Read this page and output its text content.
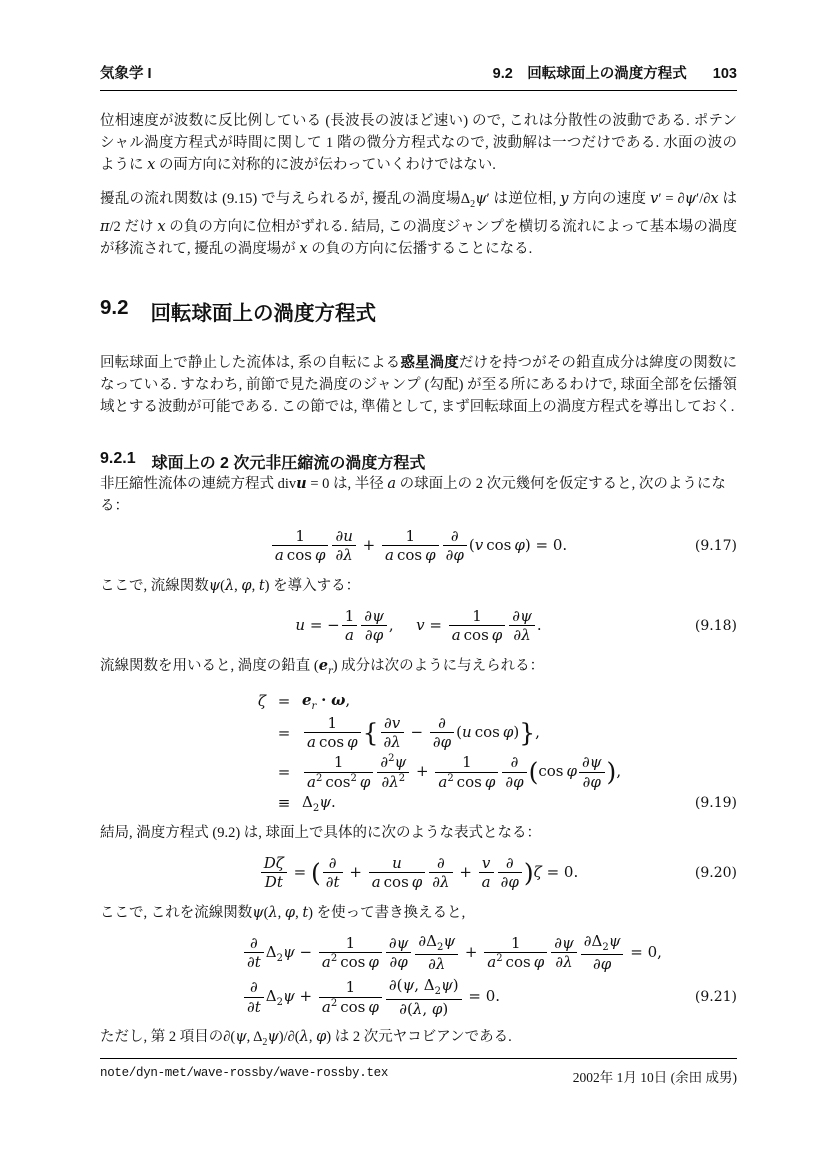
気象学 I	9.2　回転球面上の渦度方程式 103

位相速度が波数に反比例している (長波長の波ほど速い) ので, これは分散性の波動である. ポテンシャル渦度方程式が時間に関して 1 階の微分方程式なので, 波動解は一つだけである. 水面の波のように x の両方向に対称的に波が伝わっていくわけではない.

擾乱の流れ関数は (9.15) で与えられるが, 擾乱の渦度場$\Delta_2\psi'$ は逆位相, y 方向の速度 v′ = ∂ψ′/∂x はπ/2 だけ x の負の方向に位相がずれる. 結局, この渦度ジャンプを横切る流れによって基本場の渦度が移流されて, 擾乱の渦度場が x の負の方向に伝播することになる.

9.2 回転球面上の渦度方程式

回転球面上で静止した流体は, 系の自転による惑星渦度だけを持つがその鉛直成分は緯度の関数になっている. すなわち, 前節で見た渦度のジャンプ (勾配) が至る所にあるわけで, 球面全部を伝播領域とする波動が可能である. この節では, 準備として, まず回転球面上の渦度方程式を導出しておく.

9.2.1 球面上の 2 次元非圧縮流の渦度方程式

非圧縮性流体の連続方程式 divu = 0 は, 半径 a の球面上の 2 次元幾何を仮定すると, 次のようになる：

$\frac{1}{\text{a cos φ}} \frac{\partial u}{\partial\lambda} + \frac{1}{\text{a cos φ}}$ ∂
∂φ
(v cos φ) = 0.	(9.17)

ここで, 流線関数ψ(λ, φ, t) を導入する：

u = − $\frac{1}{a} \frac{\partial\psi}{\partial\varphi}$ ,  $v = \frac{1}{\text{a cos φ}} \frac{\partial\psi}{\partial\lambda}$ .	(9.18)

流線関数を用いると, 渦度の鉛直 $(e_r)$ 成分は次のように与えられる：

$\zeta = e_r \cdot \omega$,
= $\frac{1}{\text{a cos φ}}$ { $\frac{\partial v}{\partial\lambda}$ − ∂
∂φ
(u cos φ)},
= $\frac{1}{a^2 \cos^2 \varphi} \frac{\partial^2\psi}{\partial\lambda^2} + \frac{1}{a^2 \cos \varphi}$ ∂
∂φ (cos φ $\frac{\partial\psi}{\partial\varphi}$ ),
≡ $\Delta_2\psi$.	(9.19)

結局, 渦度方程式 (9.2) は, 球面上で具体的に次のような表式となる：

$\frac{D\zeta}{Dt}$ = ( ∂
∂t
+ $\frac{u}{\text{a cos φ}}$ ∂
∂λ
+ $\frac{v}{a}$ ∂
∂φ )ζ = 0.	(9.20)

ここで, これを流線関数ψ(λ, φ, t) を使って書き換えると,

∂
∂t
$\Delta_2\psi - \frac{1}{a^2 \cos \varphi} \frac{\partial\psi}{\partial\varphi} \frac{\partial\Delta_2\psi}{\partial\lambda} + \frac{1}{a^2 \cos \varphi} \frac{\partial\psi}{\partial\lambda} \frac{\partial\Delta_2\psi}{\partial\varphi} = 0$,
∂
∂t
$\Delta_2\psi + \frac{1}{a^2 \cos \varphi} \frac{\partial(\psi, \Delta_2\psi)}{\partial(\lambda, \varphi)} = 0$.	(9.21)

ただし, 第 2 項目の∂(ψ, $\Delta_2\psi)/\partial(\lambda$, φ) は 2 次元ヤコビアンである.

note/dyn-met/wave-rossby/wave-rossby.tex	2002年 1月 10日 (余田 成男)
